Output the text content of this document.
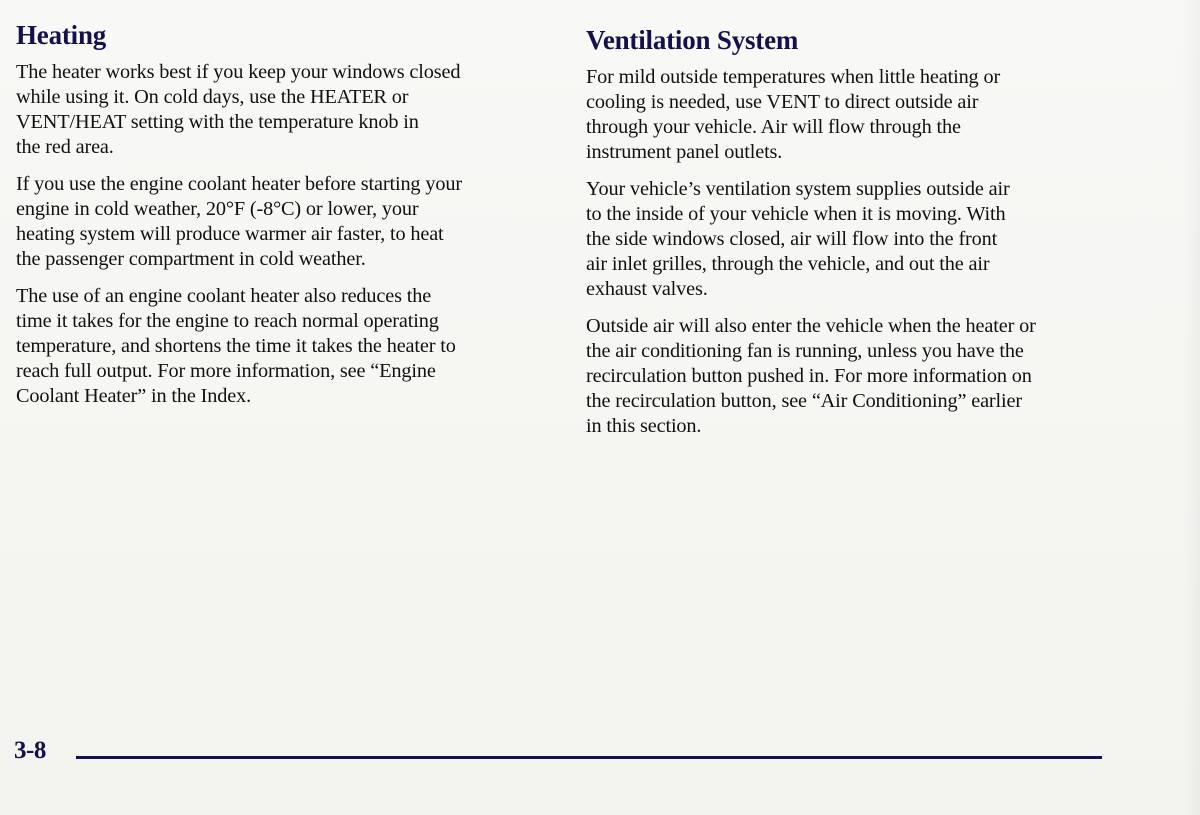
Heating

The heater works best if you keep your windows closed
while using it. On cold days, use the HEATER or
VENT/HEAT setting with the temperature knob in
the red area.

If you use the engine coolant heater before starting your
engine in cold weather, 20°F (-8°C) or lower, your
heating system will produce warmer air faster, to heat
the passenger compartment in cold weather.

The use of an engine coolant heater also reduces the
time it takes for the engine to reach normal operating
temperature, and shortens the time it takes the heater to
reach full output. For more information, see “Engine
Coolant Heater” in the Index.

Ventilation System

For mild outside temperatures when little heating or
cooling is needed, use VENT to direct outside air
through your vehicle. Air will flow through the
instrument panel outlets.

Your vehicle’s ventilation system supplies outside air
to the inside of your vehicle when it is moving. With
the side windows closed, air will flow into the front
air inlet grilles, through the vehicle, and out the air
exhaust valves.

Outside air will also enter the vehicle when the heater or
the air conditioning fan is running, unless you have the
recirculation button pushed in. For more information on
the recirculation button, see “Air Conditioning” earlier
in this section.

3-8
